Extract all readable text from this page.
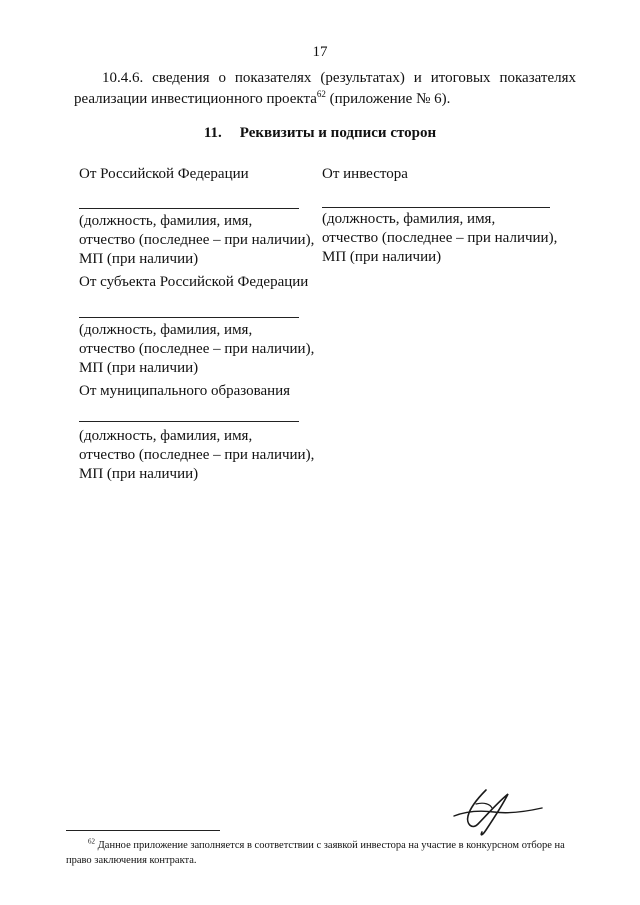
17
10.4.6. сведения о показателях (результатах) и итоговых показателях
реализации инвестиционного проекта$^{62}$ (приложение № 6).
11. Реквизиты и подписи сторон
От Российской Федерации
(должность, фамилия, имя,
отчество (последнее – при наличии),
МП (при наличии)
От субъекта Российской Федерации
(должность, фамилия, имя,
отчество (последнее – при наличии),
МП (при наличии)
От муниципального образования
(должность, фамилия, имя,
отчество (последнее – при наличии),
МП (при наличии)
От инвестора
(должность, фамилия, имя,
отчество (последнее – при наличии),
МП (при наличии)
$^{62}$ Данное приложение заполняется в соответствии с заявкой инвестора на участие в конкурсном отборе на право заключения контракта.
